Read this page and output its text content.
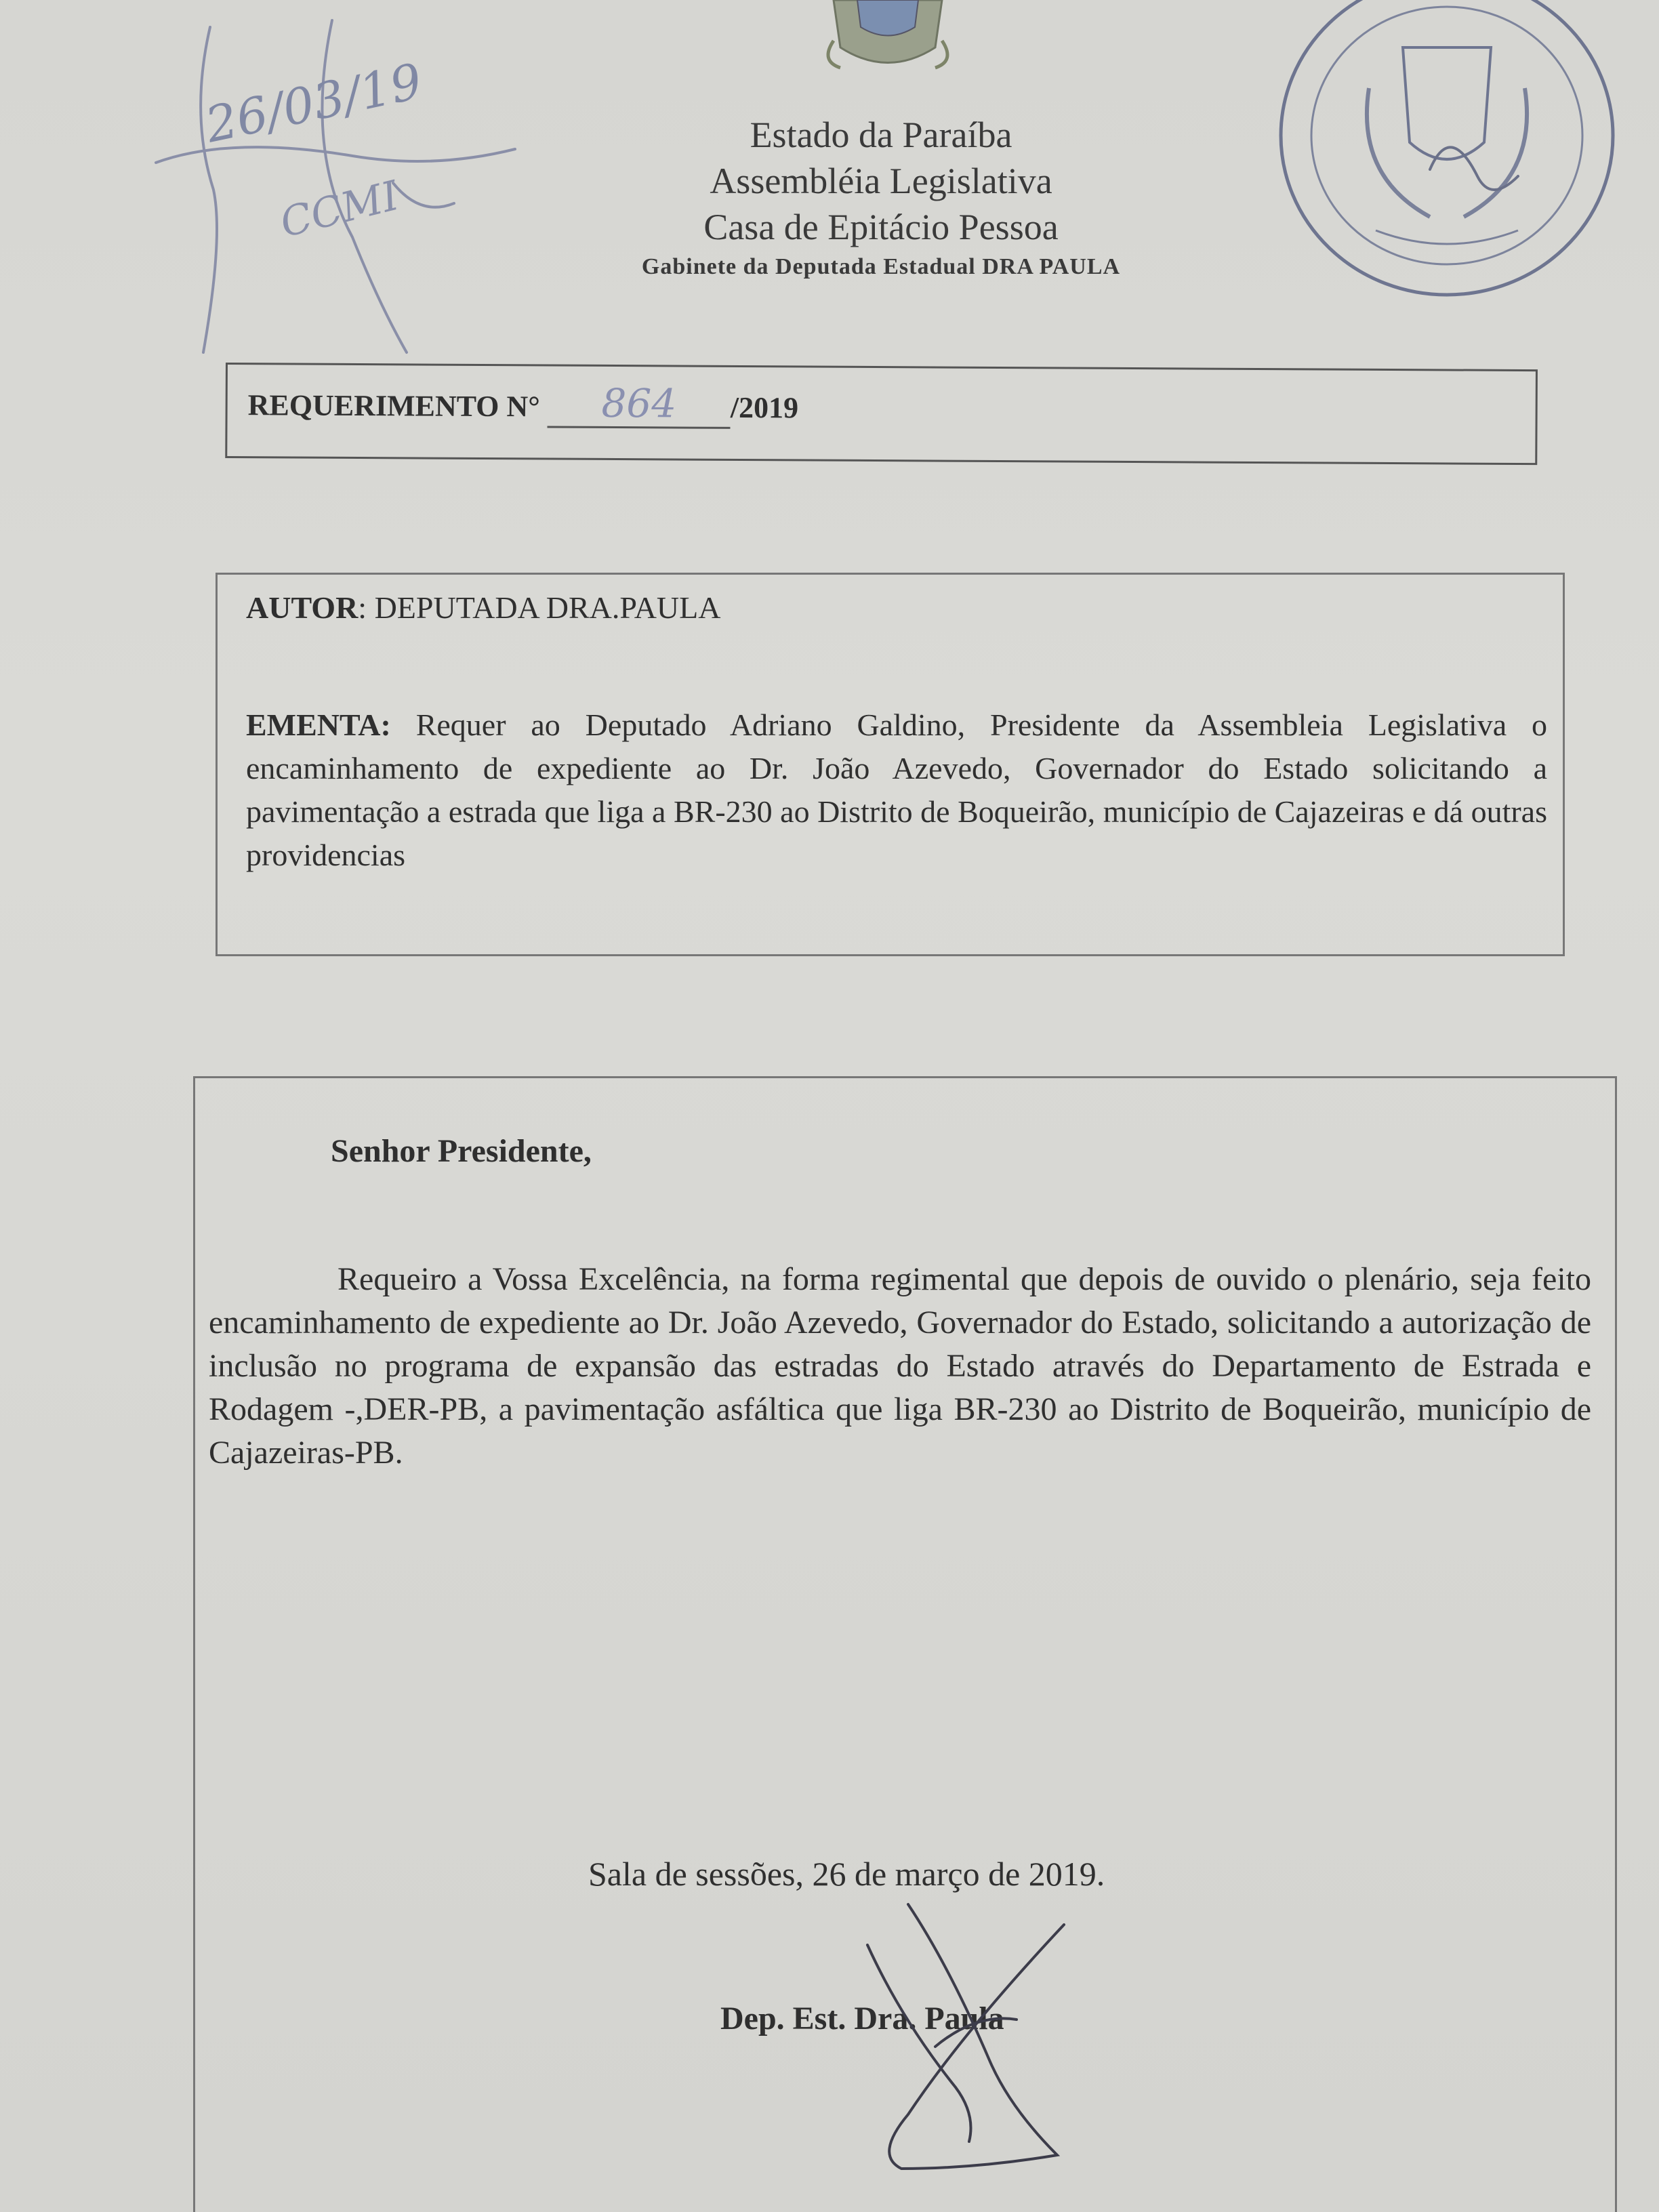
26/03/19
CCMI
Estado da Paraíba
Assembléia Legislativa
Casa de Epitácio Pessoa
Gabinete da Deputada Estadual DRA PAULA
REQUERIMENTO N° 864 /2019
AUTOR: DEPUTADA DRA.PAULA
EMENTA: Requer ao Deputado Adriano Galdino, Presidente da Assembleia Legislativa o encaminhamento de expediente ao Dr. João Azevedo, Governador do Estado solicitando a pavimentação a estrada que liga a BR-230 ao Distrito de Boqueirão, município de Cajazeiras e dá outras providencias
Senhor Presidente,
Requeiro a Vossa Excelência, na forma regimental que depois de ouvido o plenário, seja feito encaminhamento de expediente ao Dr. João Azevedo, Governador do Estado, solicitando a autorização de inclusão no programa de expansão das estradas do Estado através do Departamento de Estrada e Rodagem -,DER-PB, a pavimentação asfáltica que liga BR-230 ao Distrito de Boqueirão, município de Cajazeiras-PB.
Sala de sessões, 26 de março de 2019.
Dep. Est. Dra. Paula
